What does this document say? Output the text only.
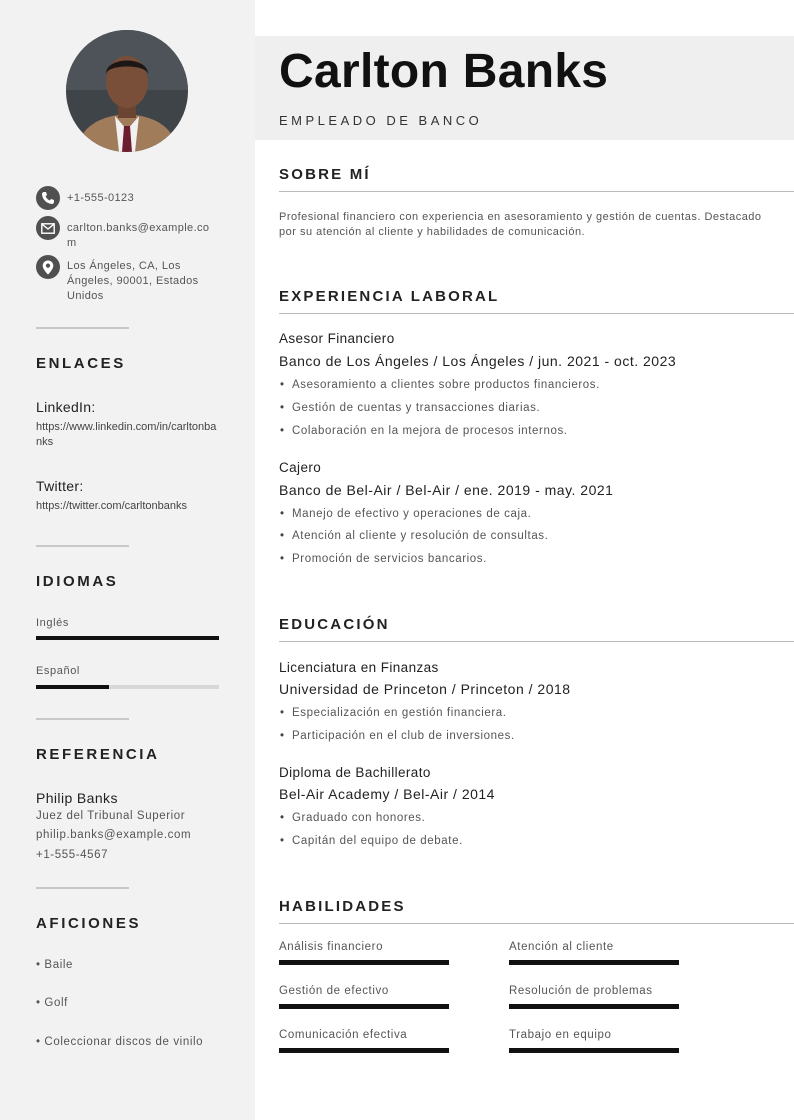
+1-555-0123
carlton.banks@example.com
Los Ángeles, CA, Los Ángeles, 90001, Estados Unidos
ENLACES
LinkedIn:
https://www.linkedin.com/in/carltonbanks
Twitter:
https://twitter.com/carltonbanks
IDIOMAS
Inglés
Español
REFERENCIA
Philip Banks
Juez del Tribunal Superior
philip.banks@example.com
+1-555-4567
AFICIONES
• Baile
• Golf
• Coleccionar discos de vinilo
Carlton Banks
EMPLEADO DE BANCO
SOBRE MÍ
Profesional financiero con experiencia en asesoramiento y gestión de cuentas. Destacado por su atención al cliente y habilidades de comunicación.
EXPERIENCIA LABORAL
Asesor Financiero
Banco de Los Ángeles / Los Ángeles / jun. 2021 - oct. 2023
• Asesoramiento a clientes sobre productos financieros.
• Gestión de cuentas y transacciones diarias.
• Colaboración en la mejora de procesos internos.
Cajero
Banco de Bel-Air / Bel-Air / ene. 2019 - may. 2021
• Manejo de efectivo y operaciones de caja.
• Atención al cliente y resolución de consultas.
• Promoción de servicios bancarios.
EDUCACIÓN
Licenciatura en Finanzas
Universidad de Princeton / Princeton / 2018
• Especialización en gestión financiera.
• Participación en el club de inversiones.
Diploma de Bachillerato
Bel-Air Academy / Bel-Air / 2014
• Graduado con honores.
• Capitán del equipo de debate.
HABILIDADES
Análisis financiero	Atención al cliente
Gestión de efectivo	Resolución de problemas
Comunicación efectiva	Trabajo en equipo
